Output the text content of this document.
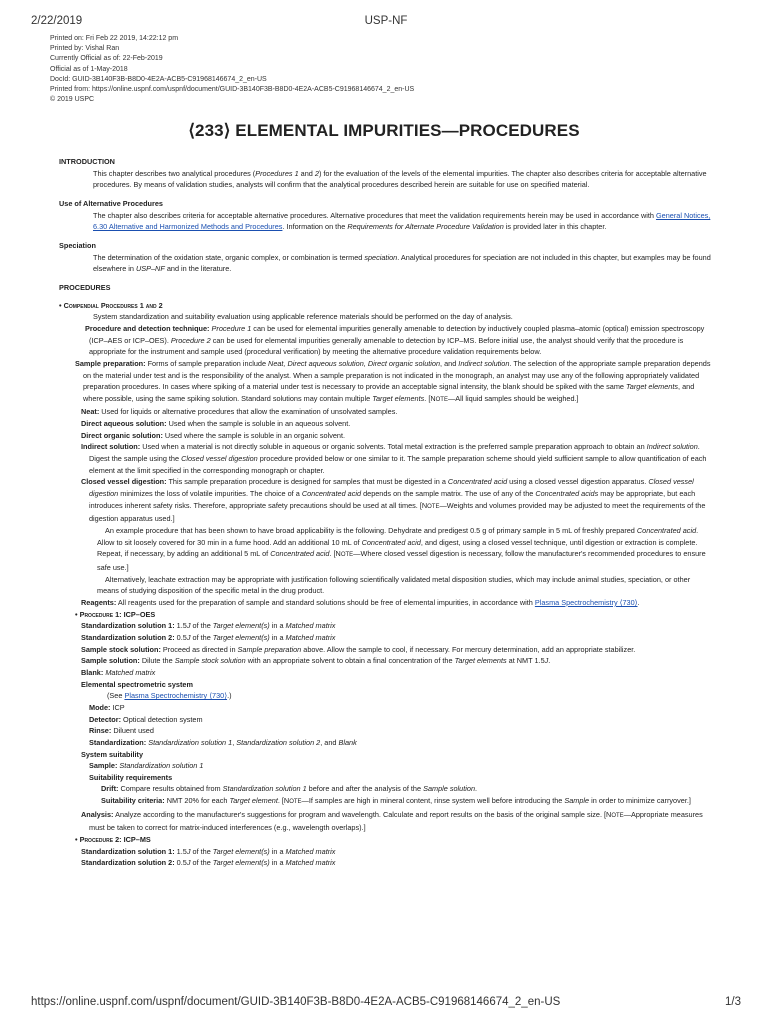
2/22/2019	USP-NF
Printed on: Fri Feb 22 2019, 14:22:12 pm
Printed by: Vishal Ran
Currently Official as of: 22-Feb-2019
Official as of 1-May-2018
DocId: GUID-3B140F3B-B8D0-4E2A-ACB5-C91968146674_2_en-US
Printed from: https://online.uspnf.com/uspnf/document/GUID-3B140F3B-B8D0-4E2A-ACB5-C91968146674_2_en-US
© 2019 USPC
⟨233⟩ ELEMENTAL IMPURITIES—PROCEDURES

INTRODUCTION

This chapter describes two analytical procedures (Procedures 1 and 2) for the evaluation of the levels of the elemental impurities. The chapter also describes criteria for acceptable alternative procedures. By means of validation studies, analysts will confirm that the analytical procedures described herein are suitable for use on specified material.

Use of Alternative Procedures

The chapter also describes criteria for acceptable alternative procedures. Alternative procedures that meet the validation requirements herein may be used in accordance with General Notices, 6.30 Alternative and Harmonized Methods and Procedures. Information on the Requirements for Alternate Procedure Validation is provided later in this chapter.

Speciation

The determination of the oxidation state, organic complex, or combination is termed speciation. Analytical procedures for speciation are not included in this chapter, but examples may be found elsewhere in USP–NF and in the literature.

PROCEDURES

• Compendial Procedures 1 and 2

System standardization and suitability evaluation using applicable reference materials should be performed on the day of analysis.

Procedure and detection technique: Procedure 1 can be used for elemental impurities generally amenable to detection by inductively coupled plasma–atomic (optical) emission spectroscopy (ICP–AES or ICP–OES). Procedure 2 can be used for elemental impurities generally amenable to detection by ICP–MS. Before initial use, the analyst should verify that the procedure is appropriate for the instrument and sample used (procedural verification) by meeting the alternative procedure validation requirements below.

Sample preparation: Forms of sample preparation include Neat, Direct aqueous solution, Direct organic solution, and Indirect solution. The selection of the appropriate sample preparation depends on the material under test and is the responsibility of the analyst. When a sample preparation is not indicated in the monograph, an analyst may use any of the following appropriately validated preparation procedures. In cases where spiking of a material under test is necessary to provide an acceptable signal intensity, the blank should be spiked with the same Target elements, and where possible, using the same spiking solution. Standard solutions may contain multiple Target elements. [NOTE—All liquid samples should be weighed.]

Neat: Used for liquids or alternative procedures that allow the examination of unsolvated samples.

Direct aqueous solution: Used when the sample is soluble in an aqueous solvent.

Direct organic solution: Used where the sample is soluble in an organic solvent.

Indirect solution: Used when a material is not directly soluble in aqueous or organic solvents. Total metal extraction is the preferred sample preparation approach to obtain an Indirect solution. Digest the sample using the Closed vessel digestion procedure provided below or one similar to it. The sample preparation scheme should yield sufficient sample to allow quantification of each element at the limit specified in the corresponding monograph or chapter.

Closed vessel digestion: This sample preparation procedure is designed for samples that must be digested in a Concentrated acid using a closed vessel digestion apparatus. Closed vessel digestion minimizes the loss of volatile impurities. The choice of a Concentrated acid depends on the sample matrix. The use of any of the Concentrated acids may be appropriate, but each introduces inherent safety risks. Therefore, appropriate safety precautions should be used at all times. [NOTE—Weights and volumes provided may be adjusted to meet the requirements of the digestion apparatus used.]

An example procedure that has been shown to have broad applicability is the following. Dehydrate and predigest 0.5 g of primary sample in 5 mL of freshly prepared Concentrated acid. Allow to sit loosely covered for 30 min in a fume hood. Add an additional 10 mL of Concentrated acid, and digest, using a closed vessel technique, until digestion or extraction is complete. Repeat, if necessary, by adding an additional 5 mL of Concentrated acid. [NOTE—Where closed vessel digestion is necessary, follow the manufacturer's recommended procedures to ensure safe use.]

Alternatively, leachate extraction may be appropriate with justification following scientifically validated metal disposition studies, which may include animal studies, speciation, or other means of studying disposition of the specific metal in the drug product.

Reagents: All reagents used for the preparation of sample and standard solutions should be free of elemental impurities, in accordance with Plasma Spectrochemistry ⟨730⟩.

• Procedure 1: ICP–OES

Standardization solution 1: 1.5J of the Target element(s) in a Matched matrix

Standardization solution 2: 0.5J of the Target element(s) in a Matched matrix

Sample stock solution: Proceed as directed in Sample preparation above. Allow the sample to cool, if necessary. For mercury determination, add an appropriate stabilizer.

Sample solution: Dilute the Sample stock solution with an appropriate solvent to obtain a final concentration of the Target elements at NMT 1.5J.

Blank: Matched matrix

Elemental spectrometric system

(See Plasma Spectrochemistry ⟨730⟩.)

Mode: ICP

Detector: Optical detection system

Rinse: Diluent used

Standardization: Standardization solution 1, Standardization solution 2, and Blank

System suitability

Sample: Standardization solution 1

Suitability requirements

Drift: Compare results obtained from Standardization solution 1 before and after the analysis of the Sample solution.

Suitability criteria: NMT 20% for each Target element. [NOTE—If samples are high in mineral content, rinse system well before introducing the Sample in order to minimize carryover.]

Analysis: Analyze according to the manufacturer's suggestions for program and wavelength. Calculate and report results on the basis of the original sample size. [NOTE—Appropriate measures must be taken to correct for matrix-induced interferences (e.g., wavelength overlaps).]

• Procedure 2: ICP–MS

Standardization solution 1: 1.5J of the Target element(s) in a Matched matrix

Standardization solution 2: 0.5J of the Target element(s) in a Matched matrix

https://online.uspnf.com/uspnf/document/GUID-3B140F3B-B8D0-4E2A-ACB5-C91968146674_2_en-US	1/3
